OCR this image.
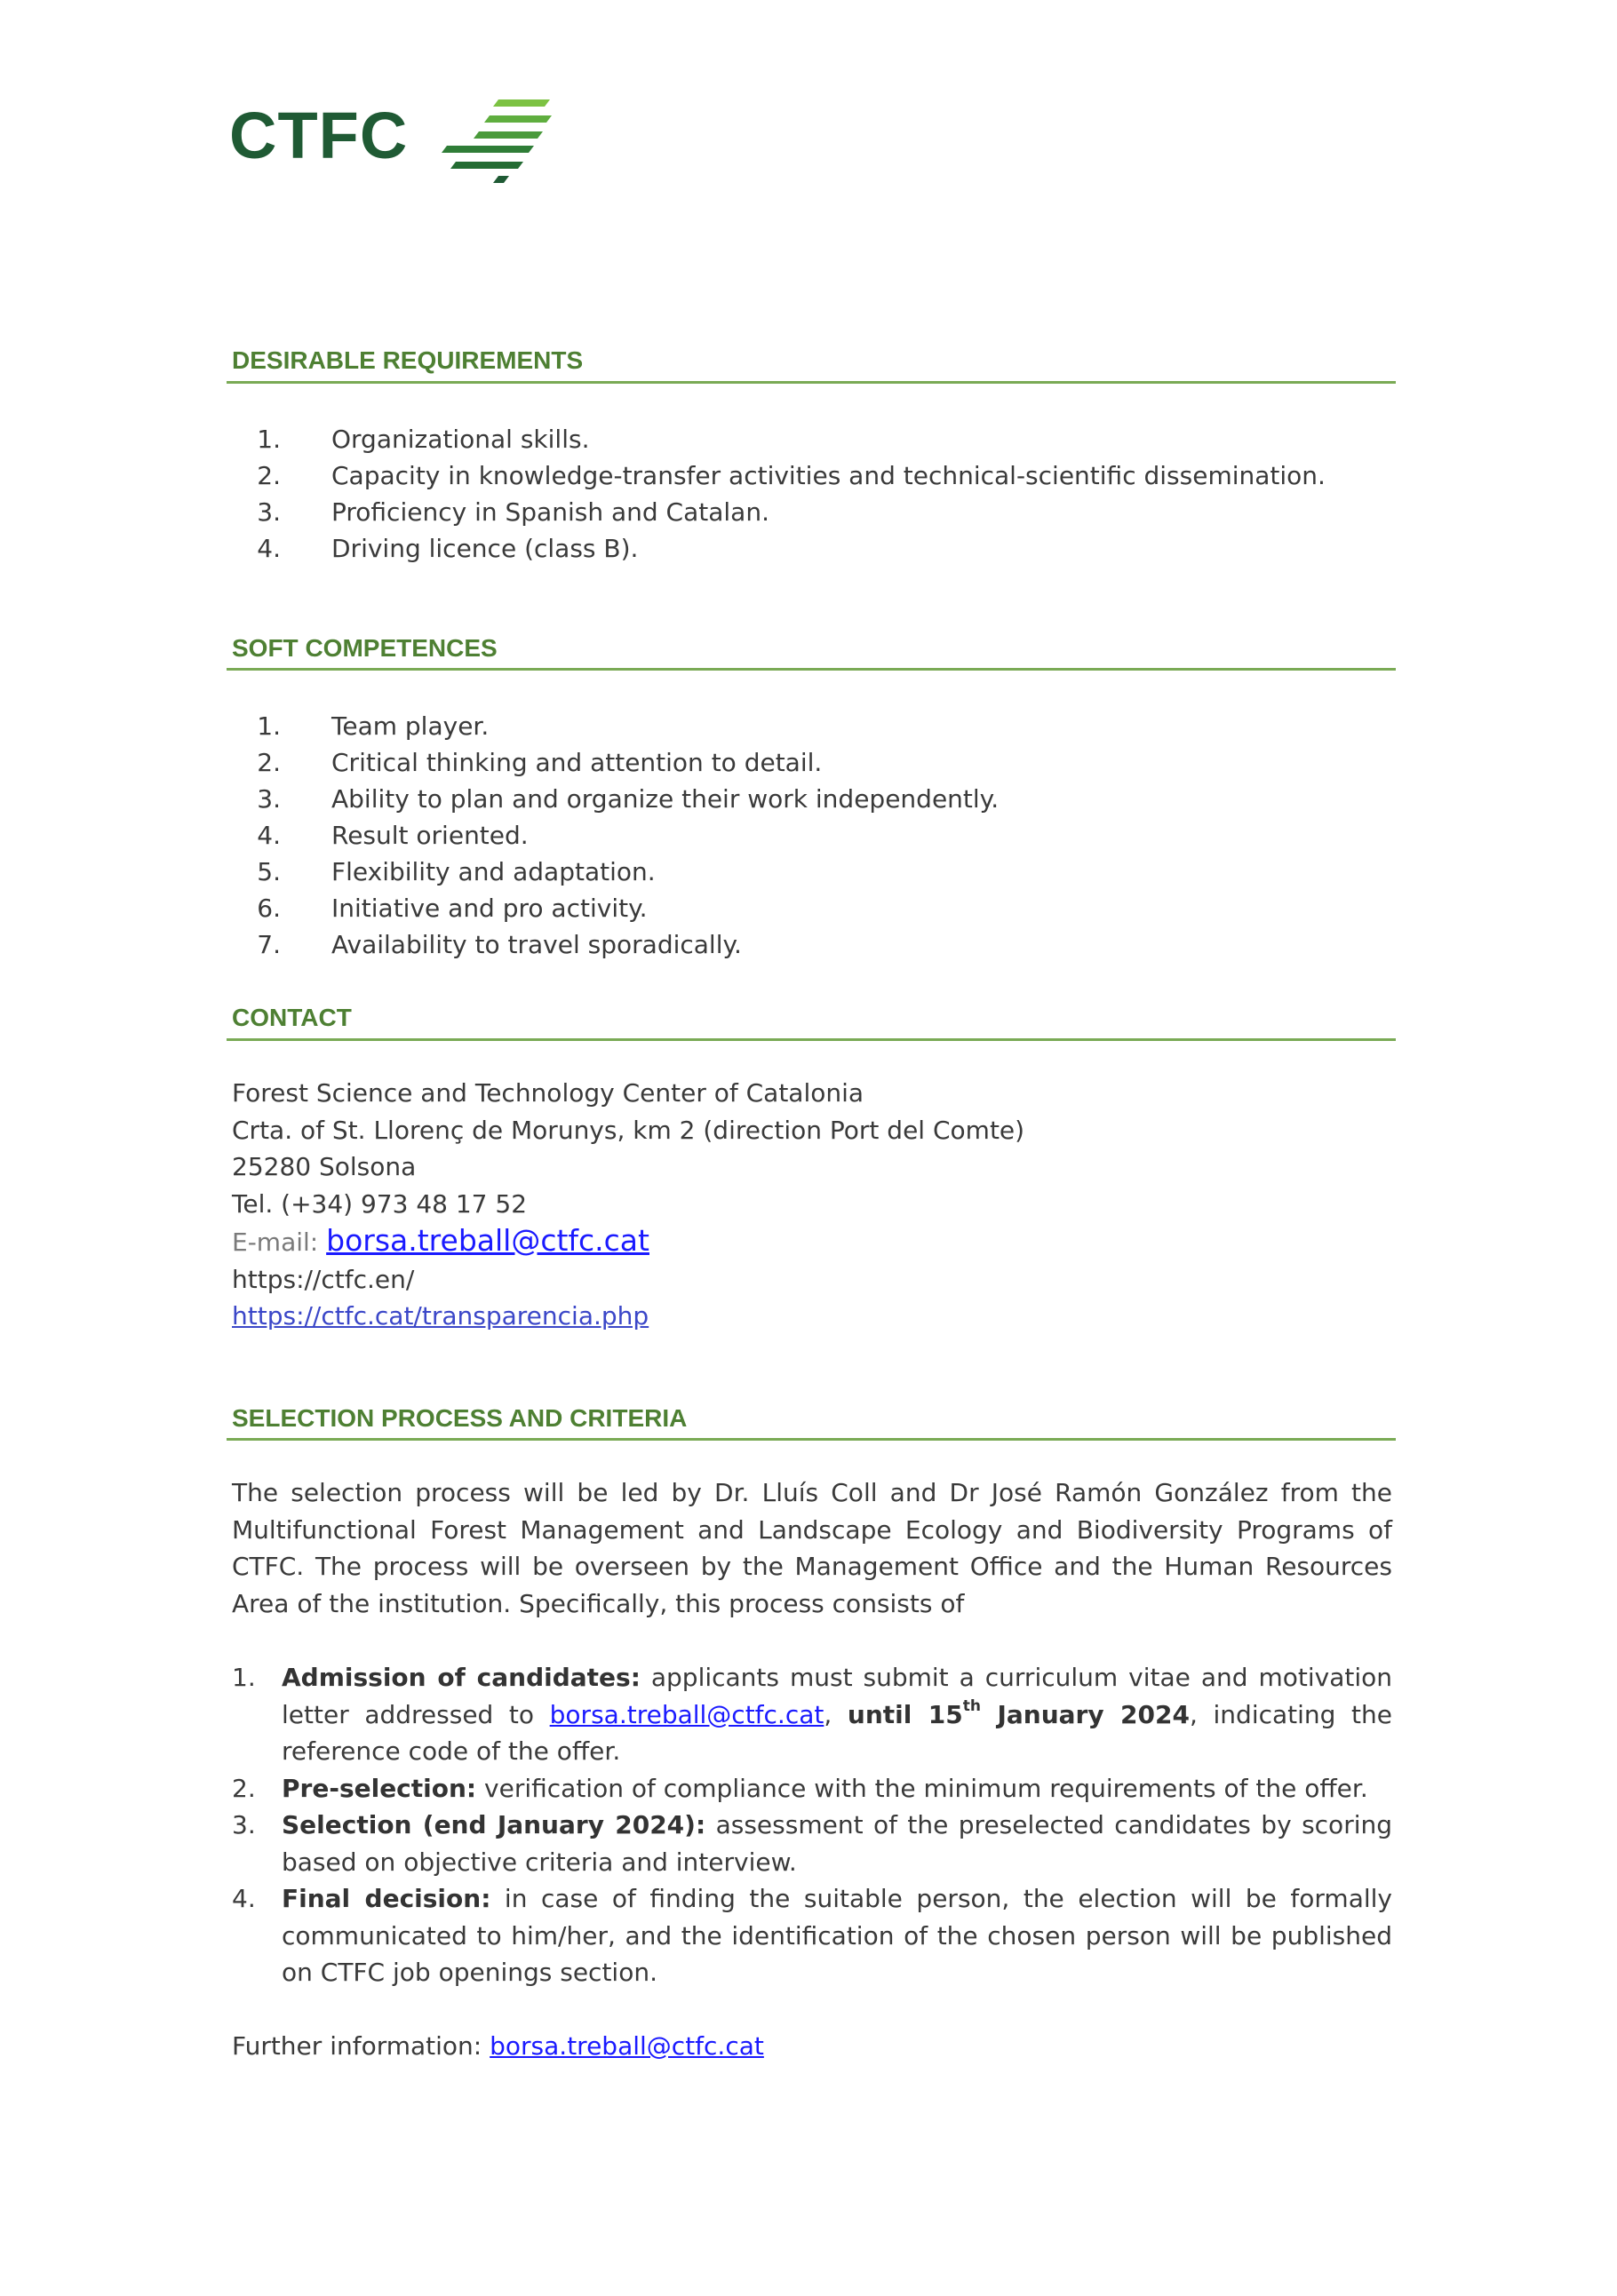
CTFC
DESIRABLE REQUIREMENTS
1. Organizational skills.
2. Capacity in knowledge-transfer activities and technical-scientific dissemination.
3. Proficiency in Spanish and Catalan.
4. Driving licence (class B).
SOFT COMPETENCES
1. Team player.
2. Critical thinking and attention to detail.
3. Ability to plan and organize their work independently.
4. Result oriented.
5. Flexibility and adaptation.
6. Initiative and pro activity.
7. Availability to travel sporadically.
CONTACT
Forest Science and Technology Center of Catalonia
Crta. of St. Llorenç de Morunys, km 2 (direction Port del Comte)
25280 Solsona
Tel. (+34) 973 48 17 52
E-mail: borsa.treball@ctfc.cat
https://ctfc.en/
https://ctfc.cat/transparencia.php
SELECTION PROCESS AND CRITERIA
The selection process will be led by Dr. Lluís Coll and Dr José Ramón González from the Multifunctional Forest Management and Landscape Ecology and Biodiversity Programs of CTFC. The process will be overseen by the Management Office and the Human Resources Area of the institution. Specifically, this process consists of
1. Admission of candidates: applicants must submit a curriculum vitae and motivation letter addressed to borsa.treball@ctfc.cat, until 15th January 2024, indicating the reference code of the offer.
2. Pre-selection: verification of compliance with the minimum requirements of the offer.
3. Selection (end January 2024): assessment of the preselected candidates by scoring based on objective criteria and interview.
4. Final decision: in case of finding the suitable person, the election will be formally communicated to him/her, and the identification of the chosen person will be published on CTFC job openings section.
Further information: borsa.treball@ctfc.cat
